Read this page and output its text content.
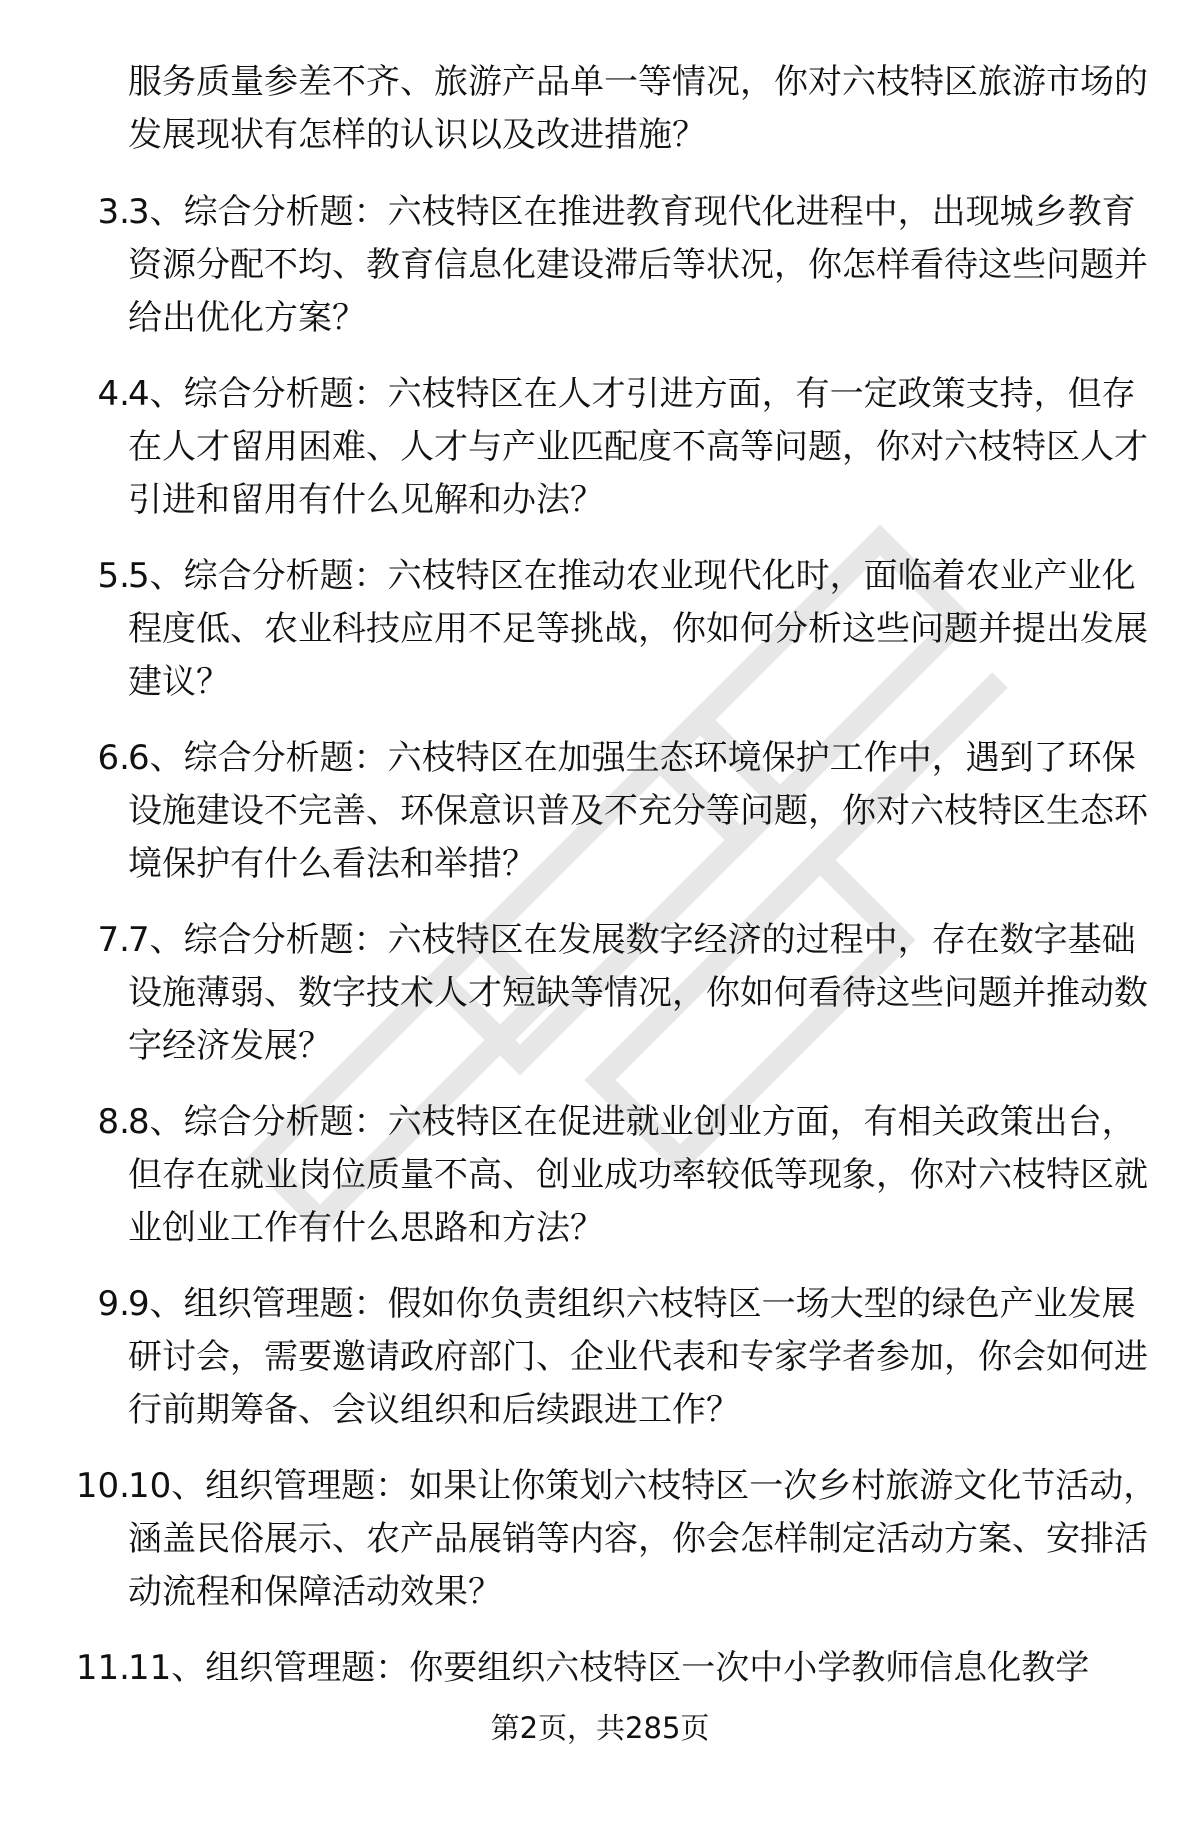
服务质量参差不齐、旅游产品单一等情况，你对六枝特区旅游市场的发展现状有怎样的认识以及改进措施？
3.
3、综合分析题：六枝特区在推进教育现代化进程中，出现城乡教育资源分配不均、教育信息化建设滞后等状况，你怎样看待这些问题并给出优化方案？
4.
4、综合分析题：六枝特区在人才引进方面，有一定政策支持，但存在人才留用困难、人才与产业匹配度不高等问题，你对六枝特区人才引进和留用有什么见解和办法？
5.
5、综合分析题：六枝特区在推动农业现代化时，面临着农业产业化程度低、农业科技应用不足等挑战，你如何分析这些问题并提出发展建议？
6.
6、综合分析题：六枝特区在加强生态环境保护工作中，遇到了环保设施建设不完善、环保意识普及不充分等问题，你对六枝特区生态环境保护有什么看法和举措？
7.
7、综合分析题：六枝特区在发展数字经济的过程中，存在数字基础设施薄弱、数字技术人才短缺等情况，你如何看待这些问题并推动数字经济发展？
8.
8、综合分析题：六枝特区在促进就业创业方面，有相关政策出台，但存在就业岗位质量不高、创业成功率较低等现象，你对六枝特区就业创业工作有什么思路和方法？
9.
9、组织管理题：假如你负责组织六枝特区一场大型的绿色产业发展研讨会，需要邀请政府部门、企业代表和专家学者参加，你会如何进行前期筹备、会议组织和后续跟进工作？
10.
10、组织管理题：如果让你策划六枝特区一次乡村旅游文化节活动，涵盖民俗展示、农产品展销等内容，你会怎样制定活动方案、安排活动流程和保障活动效果？
11.
11、组织管理题：你要组织六枝特区一次中小学教师信息化教学
第2页，共285页
